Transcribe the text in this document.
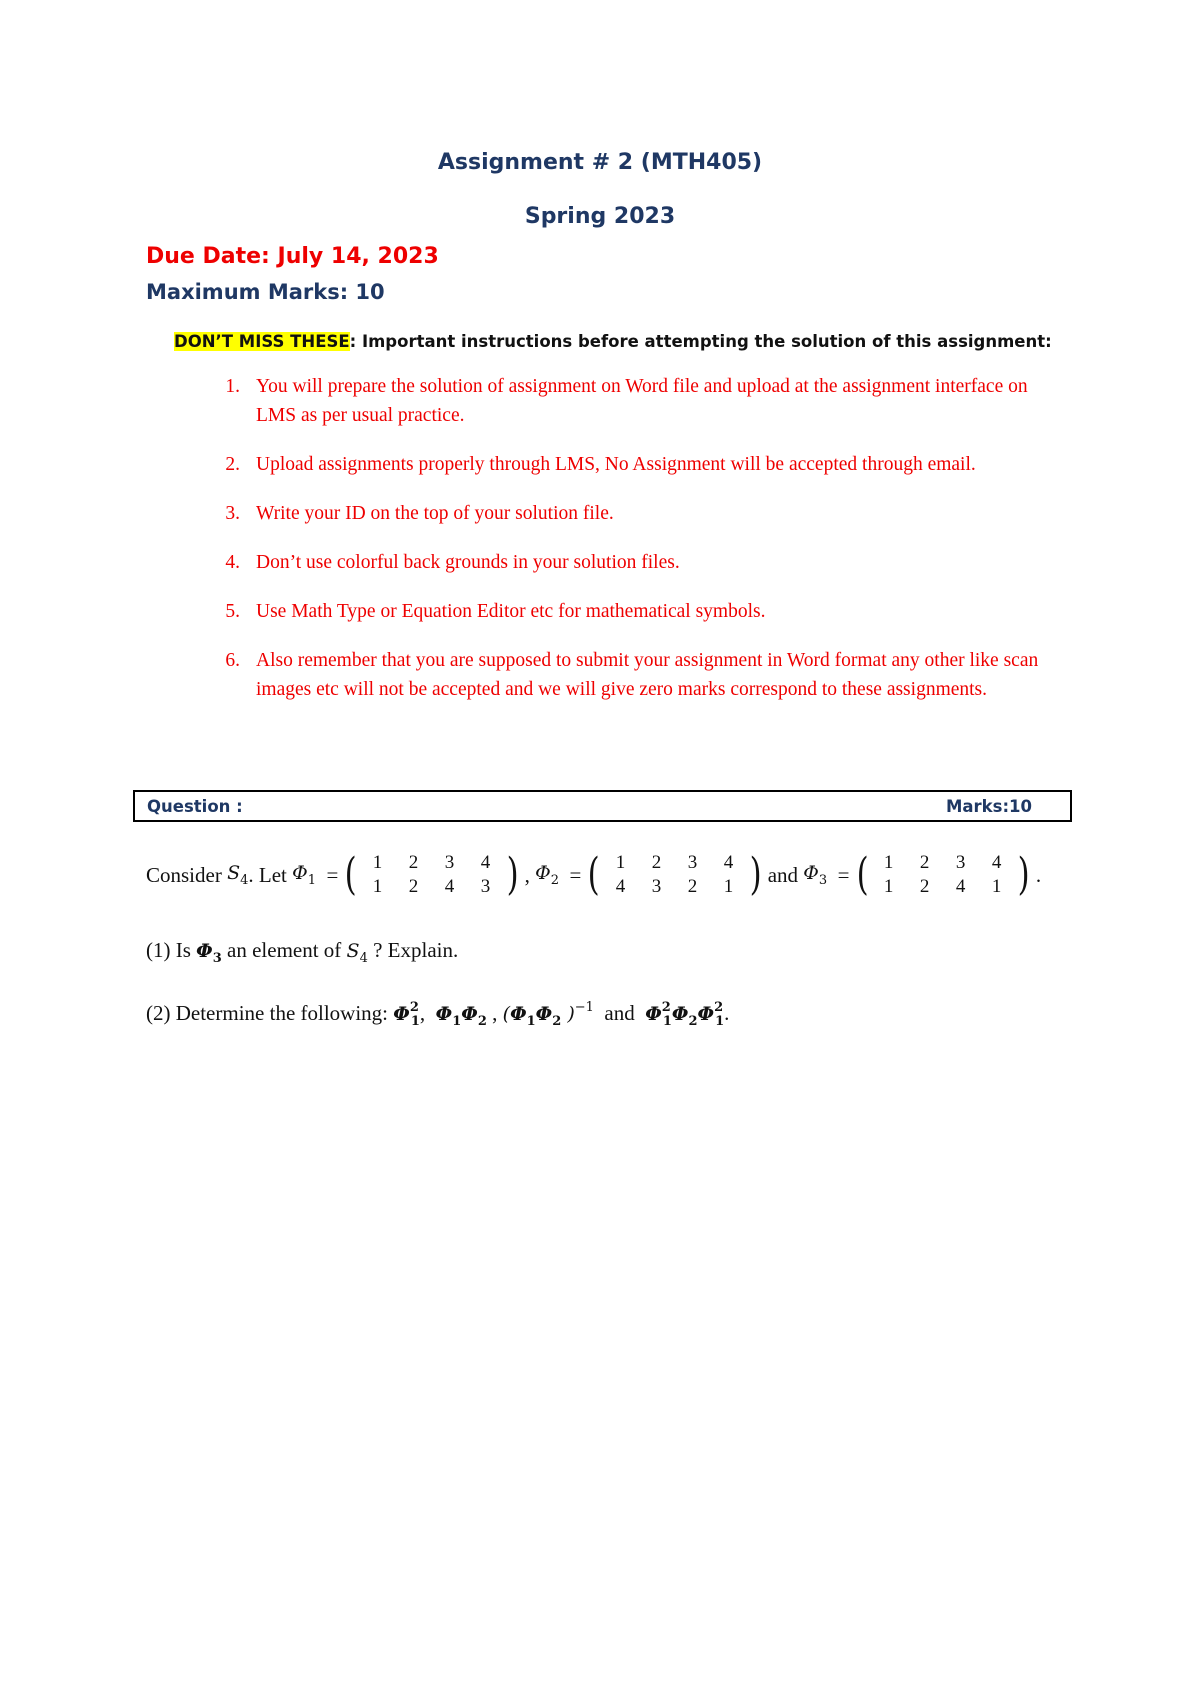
Assignment # 2 (MTH405)
Spring 2023
Due Date: July 14, 2023
Maximum Marks: 10
DON’T MISS THESE: Important instructions before attempting the solution of this assignment:
1. You will prepare the solution of assignment on Word file and upload at the assignment interface on LMS as per usual practice.
2. Upload assignments properly through LMS, No Assignment will be accepted through email.
3. Write your ID on the top of your solution file.
4. Don’t use colorful back grounds in your solution files.
5. Use Math Type or Equation Editor etc for mathematical symbols.
6. Also remember that you are supposed to submit your assignment in Word format any other like scan images etc will not be accepted and we will give zero marks correspond to these assignments.
Question :	Marks:10
Consider
$S_4$ . Let
$\Phi_1$
= ( 1	2	3	4
1	2	4	3 ) ,
$\Phi_2$
= ( 1	2	3	4
4	3	2	1 ) and
$\Phi_3$
= ( 1	2	3	4
1	2	4	1 ) .
(1) Is $\Phi_3$ an element of $S_4$ ? Explain.
(2) Determine the following: $\Phi^2_1$, $\Phi_1\Phi_2$ , ($\Phi_1\Phi_2$ )$^{-1}$ and $\Phi^2_1\Phi_2\Phi^2_1$.
